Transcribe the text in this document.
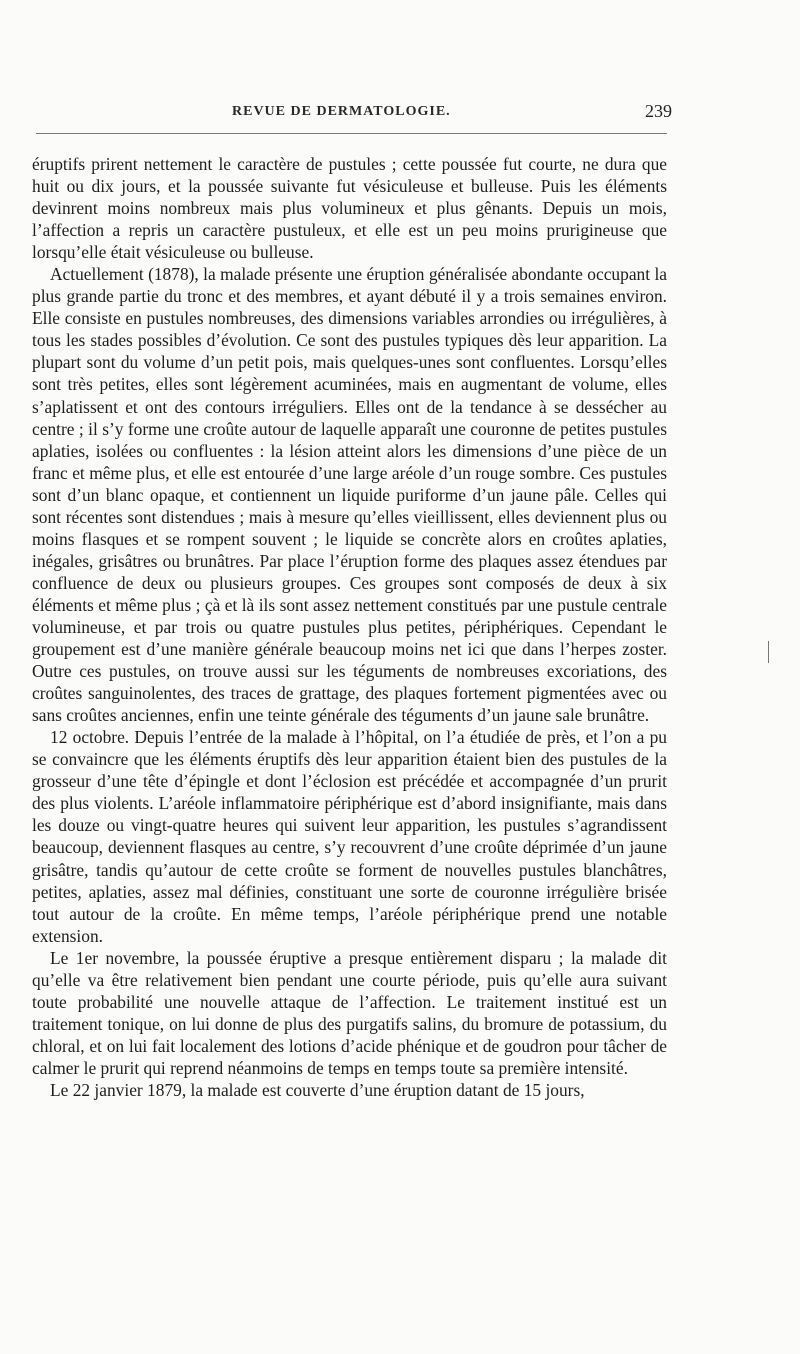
REVUE DE DERMATOLOGIE.	239

éruptifs prirent nettement le caractère de pustules ; cette poussée fut courte, ne dura que huit ou dix jours, et la poussée suivante fut vésiculeuse et bulleuse. Puis les éléments devinrent moins nombreux mais plus volumineux et plus gênants. Depuis un mois, l’affection a repris un caractère pustuleux, et elle est un peu moins prurigineuse que lorsqu’elle était vésiculeuse ou bulleuse.

Actuellement (1878), la malade présente une éruption généralisée abondante occupant la plus grande partie du tronc et des membres, et ayant débuté il y a trois semaines environ. Elle consiste en pustules nombreuses, des dimensions variables arrondies ou irrégulières, à tous les stades possibles d’évolution. Ce sont des pustules typiques dès leur apparition. La plupart sont du volume d’un petit pois, mais quelques-unes sont confluentes. Lorsqu’elles sont très petites, elles sont légèrement acuminées, mais en augmentant de volume, elles s’aplatissent et ont des contours irréguliers. Elles ont de la tendance à se dessécher au centre ; il s’y forme une croûte autour de laquelle apparaît une couronne de petites pustules aplaties, isolées ou confluentes : la lésion atteint alors les dimensions d’une pièce de un franc et même plus, et elle est entourée d’une large aréole d’un rouge sombre. Ces pustules sont d’un blanc opaque, et contiennent un liquide puriforme d’un jaune pâle. Celles qui sont récentes sont distendues ; mais à mesure qu’elles vieillissent, elles deviennent plus ou moins flasques et se rompent souvent ; le liquide se concrète alors en croûtes aplaties, inégales, grisâtres ou brunâtres. Par place l’éruption forme des plaques assez étendues par confluence de deux ou plusieurs groupes. Ces groupes sont composés de deux à six éléments et même plus ; çà et là ils sont assez nettement constitués par une pustule centrale volumineuse, et par trois ou quatre pustules plus petites, périphériques. Cependant le groupement est d’une manière générale beaucoup moins net ici que dans l’herpes zoster. Outre ces pustules, on trouve aussi sur les téguments de nombreuses excoriations, des croûtes sanguinolentes, des traces de grattage, des plaques fortement pigmentées avec ou sans croûtes anciennes, enfin une teinte générale des téguments d’un jaune sale brunâtre.

12 octobre. Depuis l’entrée de la malade à l’hôpital, on l’a étudiée de près, et l’on a pu se convaincre que les éléments éruptifs dès leur apparition étaient bien des pustules de la grosseur d’une tête d’épingle et dont l’éclosion est précédée et accompagnée d’un prurit des plus violents. L’aréole inflammatoire périphérique est d’abord insignifiante, mais dans les douze ou vingt-quatre heures qui suivent leur apparition, les pustules s’agrandissent beaucoup, deviennent flasques au centre, s’y recouvrent d’une croûte déprimée d’un jaune grisâtre, tandis qu’autour de cette croûte se forment de nouvelles pustules blanchâtres, petites, aplaties, assez mal définies, constituant une sorte de couronne irrégulière brisée tout autour de la croûte. En même temps, l’aréole périphérique prend une notable extension.

Le 1er novembre, la poussée éruptive a presque entièrement disparu ; la malade dit qu’elle va être relativement bien pendant une courte période, puis qu’elle aura suivant toute probabilité une nouvelle attaque de l’affection. Le traitement institué est un traitement tonique, on lui donne de plus des purgatifs salins, du bromure de potassium, du chloral, et on lui fait localement des lotions d’acide phénique et de goudron pour tâcher de calmer le prurit qui reprend néanmoins de temps en temps toute sa première intensité.

Le 22 janvier 1879, la malade est couverte d’une éruption datant de 15 jours,
